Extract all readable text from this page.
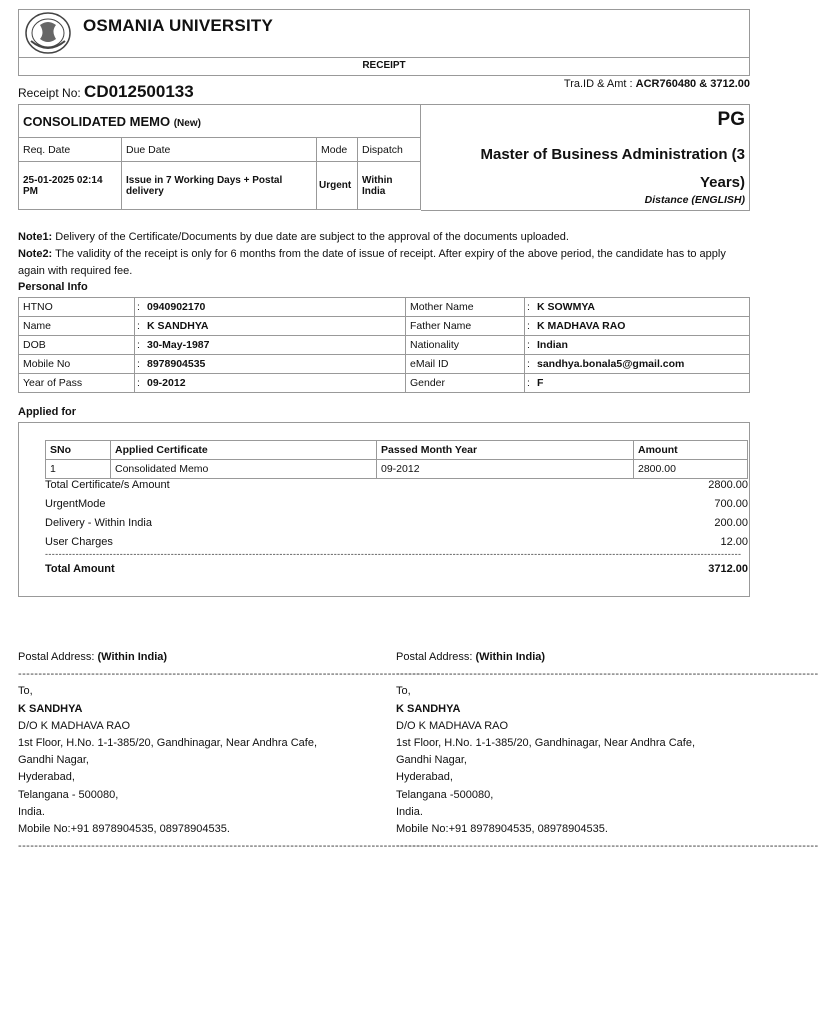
OSMANIA UNIVERSITY
RECEIPT
Receipt No: CD012500133	Tra.ID & Amt : ACR760480 & 3712.00
CONSOLIDATED MEMO (New)			
Req. Date	Due Date	Mode	Dispatch
25-01-2025 02:14 PM	Issue in 7 Working Days + Postal delivery	Urgent	Within India
PG
Master of Business Administration (3 Years)
Distance (ENGLISH)
Note1: Delivery of the Certificate/Documents by due date are subject to the approval of the documents uploaded.
Note2: The validity of the receipt is only for 6 months from the date of issue of receipt. After expiry of the above period, the candidate has to apply again with required fee.
Personal Info
HTNO	:	0940902170	Mother Name	:	K SOWMYA
Name	:	K SANDHYA	Father Name	:	K MADHAVA RAO
DOB	:	30-May-1987	Nationality	:	Indian
Mobile No	:	8978904535	eMail ID	:	sandhya.bonala5@gmail.com
Year of Pass	:	09-2012	Gender	:	F
Applied for
SNo	Applied Certificate	Passed Month Year	Amount
1	Consolidated Memo	09-2012	2800.00
Total Certificate/s Amount	2800.00
UrgentMode	700.00
Delivery - Within India	200.00
User Charges	12.00
-------------------------------------------------------------------------------------------------------------------------------------------------------------------------------------------------------------
Total Amount	3712.00
Postal Address: (Within India)
--------------------------------------------------------------------------------------------------------
To,
K SANDHYA
D/O K MADHAVA RAO
1st Floor, H.No. 1-1-385/20, Gandhinagar, Near Andhra Cafe,
Gandhi Nagar,
Hyderabad,
Telangana - 500080,
India.
Mobile No:+91 8978904535, 08978904535.
--------------------------------------------------------------------------------------------------------
Postal Address: (Within India)
--------------------------------------------------------------------------------------------------------
To,
K SANDHYA
D/O K MADHAVA RAO
1st Floor, H.No. 1-1-385/20, Gandhinagar, Near Andhra Cafe,
Gandhi Nagar,
Hyderabad,
Telangana -500080,
India.
Mobile No:+91 8978904535, 08978904535.
--------------------------------------------------------------------------------------------------------
